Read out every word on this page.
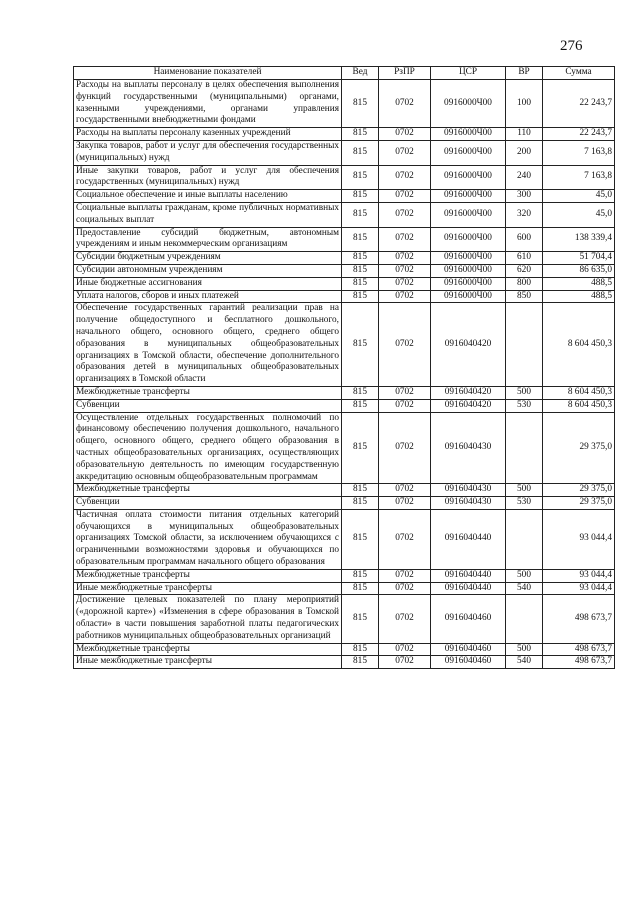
276
Наименование показателей	Вед	РзПР	ЦСР	ВР	Сумма
Расходы на выплаты персоналу в целях обеспечения выполнения функций государственными (муниципальными) органами, казенными учреждениями, органами управления государственными внебюджетными фондами	815	0702	0916000Ч00	100	22 243,7
Расходы на выплаты персоналу казенных учреждений	815	0702	0916000Ч00	110	22 243,7
Закупка товаров, работ и услуг для обеспечения государственных (муниципальных) нужд	815	0702	0916000Ч00	200	7 163,8
Иные закупки товаров, работ и услуг для обеспечения государственных (муниципальных) нужд	815	0702	0916000Ч00	240	7 163,8
Социальное обеспечение и иные выплаты населению	815	0702	0916000Ч00	300	45,0
Социальные выплаты гражданам, кроме публичных нормативных социальных выплат	815	0702	0916000Ч00	320	45,0
Предоставление субсидий бюджетным, автономным учреждениям и иным некоммерческим организациям	815	0702	0916000Ч00	600	138 339,4
Субсидии бюджетным учреждениям	815	0702	0916000Ч00	610	51 704,4
Субсидии автономным учреждениям	815	0702	0916000Ч00	620	86 635,0
Иные бюджетные ассигнования	815	0702	0916000Ч00	800	488,5
Уплата налогов, сборов и иных платежей	815	0702	0916000Ч00	850	488,5
Обеспечение государственных гарантий реализации прав на получение общедоступного и бесплатного дошкольного, начального общего, основного общего, среднего общего образования в муниципальных общеобразовательных организациях в Томской области, обеспечение дополнительного образования детей в муниципальных общеобразовательных организациях в Томской области	815	0702	0916040420		8 604 450,3
Межбюджетные трансферты	815	0702	0916040420	500	8 604 450,3
Субвенции	815	0702	0916040420	530	8 604 450,3
Осуществление отдельных государственных полномочий по финансовому обеспечению получения дошкольного, начального общего, основного общего, среднего общего образования в частных общеобразовательных организациях, осуществляющих образовательную деятельность по имеющим государственную аккредитацию основным общеобразовательным программам	815	0702	0916040430		29 375,0
Межбюджетные трансферты	815	0702	0916040430	500	29 375,0
Субвенции	815	0702	0916040430	530	29 375,0
Частичная оплата стоимости питания отдельных категорий обучающихся в муниципальных общеобразовательных организациях Томской области, за исключением обучающихся с ограниченными возможностями здоровья и обучающихся по образовательным программам начального общего образования	815	0702	0916040440		93 044,4
Межбюджетные трансферты	815	0702	0916040440	500	93 044,4
Иные межбюджетные трансферты	815	0702	0916040440	540	93 044,4
Достижение целевых показателей по плану мероприятий («дорожной карте») «Изменения в сфере образования в Томской области» в части повышения заработной платы педагогических работников муниципальных общеобразовательных организаций	815	0702	0916040460		498 673,7
Межбюджетные трансферты	815	0702	0916040460	500	498 673,7
Иные межбюджетные трансферты	815	0702	0916040460	540	498 673,7
